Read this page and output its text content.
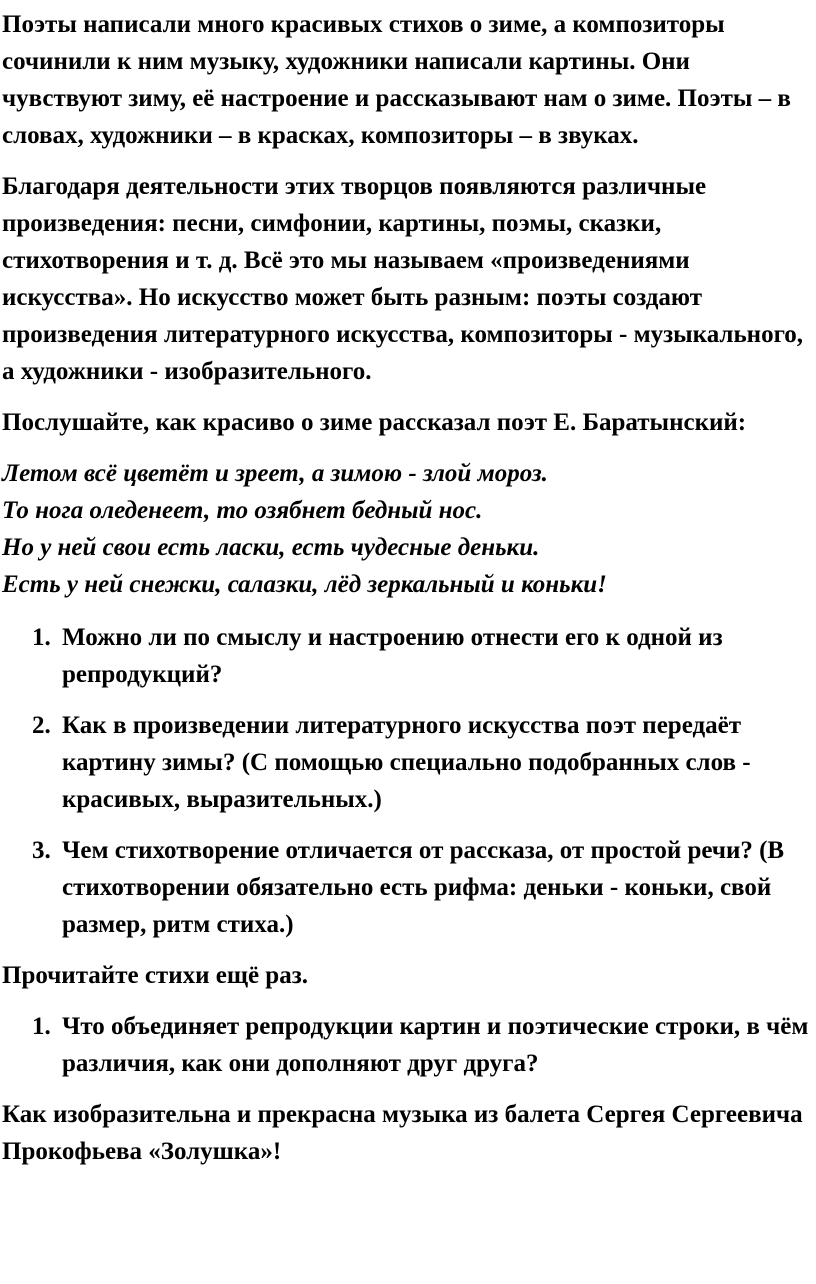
Поэты написали много красивых стихов о зиме, а композиторы сочинили к ним музыку, художники написали картины. Они чувствуют зиму, её настроение и рассказывают нам о зиме. Поэты – в словах, художники – в красках, композиторы – в звуках.

Благодаря деятельности этих творцов появляются различные произведения: песни, симфонии, картины, поэмы, сказки, стихотворения и т. д. Всё это мы называем «произведениями искусства». Но искусство может быть разным: поэты создают произведения литературного искусства, композиторы - музыкального, а художники - изобразительного.

Послушайте, как красиво о зиме рассказал поэт Е. Баратынский:

Летом всё цветёт и зреет, а зимою - злой мороз.
То нога оледенеет, то озябнет бедный нос.
Но у ней свои есть ласки, есть чудесные деньки.
Есть у ней снежки, салазки, лёд зеркальный и коньки!
1. Можно ли по смыслу и настроению отнести его к одной из репродукций?
2. Как в произведении литературного искусства поэт передаёт картину зимы? (С помощью специально подобранных слов - красивых, выразительных.)
3. Чем стихотворение отличается от рассказа, от простой речи? (В стихотворении обязательно есть рифма: деньки - коньки, свой размер, ритм стиха.)

Прочитайте стихи ещё раз.

1. Что объединяет репродукции картин и поэтические строки, в чём различия, как они дополняют друг друга?

Как изобразительна и прекрасна музыка из балета Сергея Сергеевича Прокофьева «Золушка»!
